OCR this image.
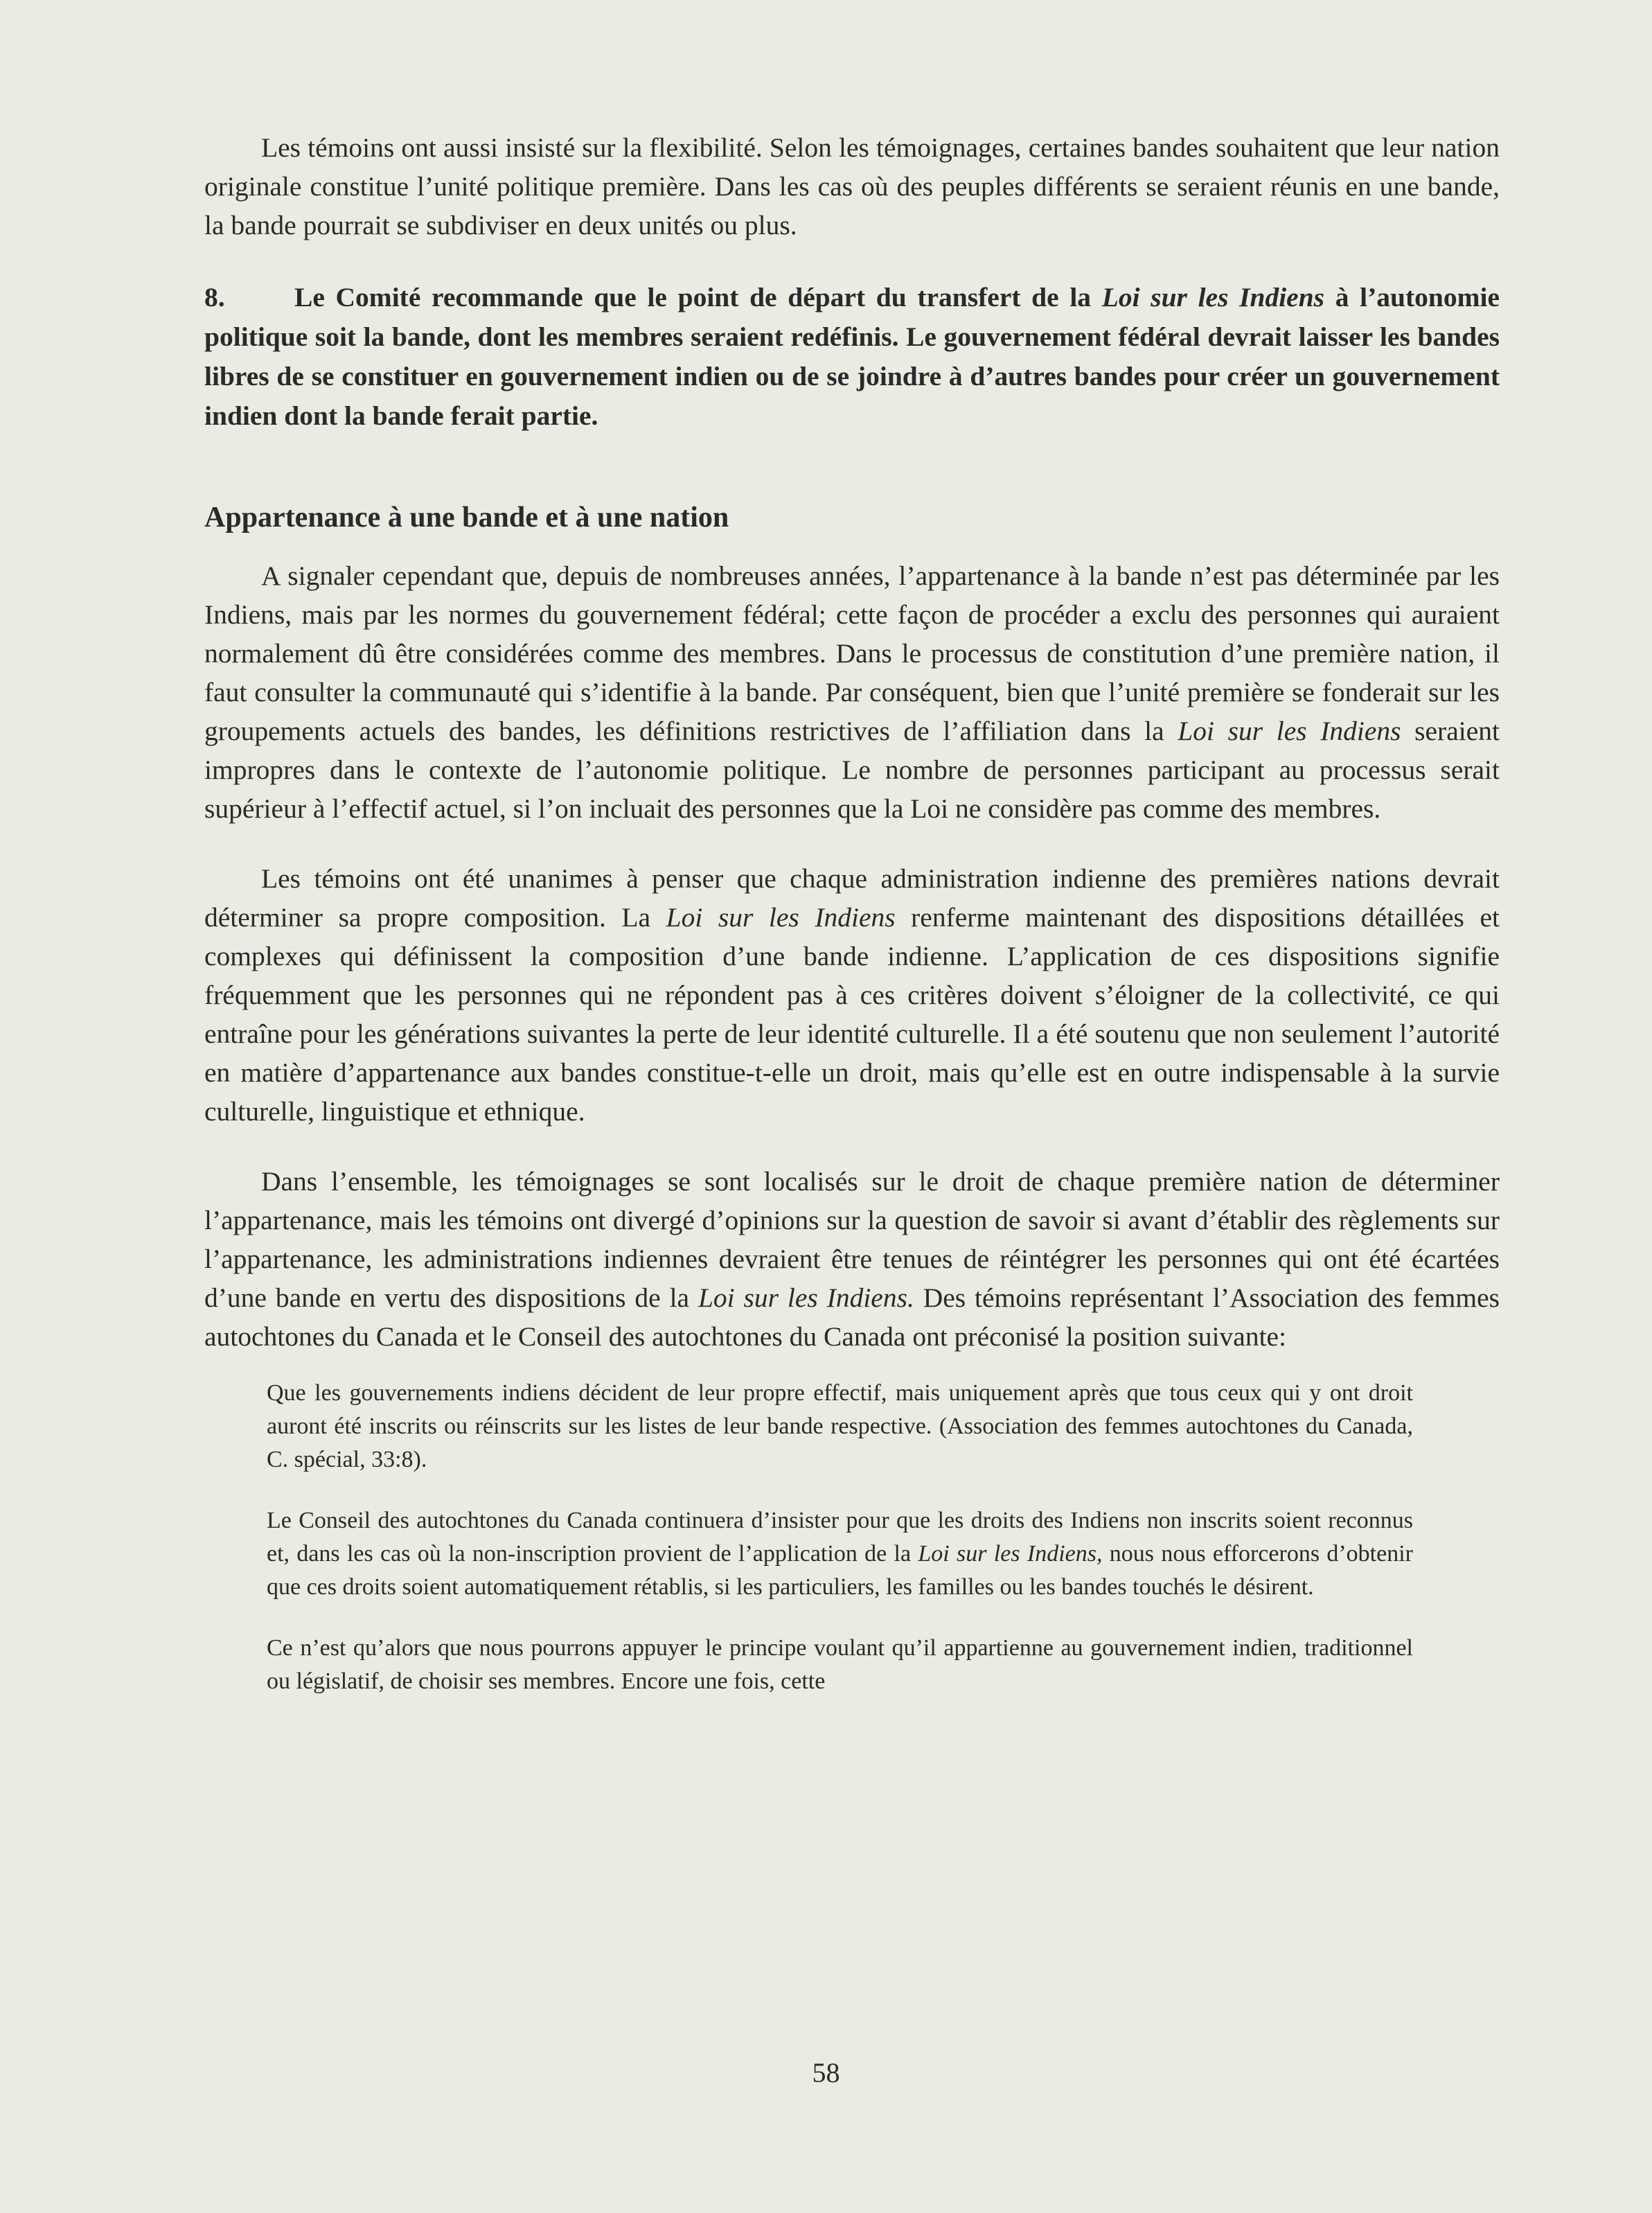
Les témoins ont aussi insisté sur la flexibilité. Selon les témoignages, certaines bandes souhaitent que leur nation originale constitue l’unité politique première. Dans les cas où des peuples différents se seraient réunis en une bande, la bande pourrait se subdiviser en deux unités ou plus.

8.	Le Comité recommande que le point de départ du transfert de la Loi sur les Indiens à l’autonomie politique soit la bande, dont les membres seraient redéfinis. Le gouvernement fédéral devrait laisser les bandes libres de se constituer en gouvernement indien ou de se joindre à d’autres bandes pour créer un gouvernement indien dont la bande ferait partie.

Appartenance à une bande et à une nation

A signaler cependant que, depuis de nombreuses années, l’appartenance à la bande n’est pas déterminée par les Indiens, mais par les normes du gouvernement fédéral; cette façon de procéder a exclu des personnes qui auraient normalement dû être considérées comme des membres. Dans le processus de constitution d’une première nation, il faut consulter la communauté qui s’identifie à la bande. Par conséquent, bien que l’unité première se fonderait sur les groupements actuels des bandes, les définitions restrictives de l’affiliation dans la Loi sur les Indiens seraient impropres dans le contexte de l’autonomie politique. Le nombre de personnes participant au processus serait supérieur à l’effectif actuel, si l’on incluait des personnes que la Loi ne considère pas comme des membres.

Les témoins ont été unanimes à penser que chaque administration indienne des premières nations devrait déterminer sa propre composition. La Loi sur les Indiens renferme maintenant des dispositions détaillées et complexes qui définissent la composition d’une bande indienne. L’application de ces dispositions signifie fréquemment que les personnes qui ne répondent pas à ces critères doivent s’éloigner de la collectivité, ce qui entraîne pour les générations suivantes la perte de leur identité culturelle. Il a été soutenu que non seulement l’autorité en matière d’appartenance aux bandes constitue-t-elle un droit, mais qu’elle est en outre indispensable à la survie culturelle, linguistique et ethnique.

Dans l’ensemble, les témoignages se sont localisés sur le droit de chaque première nation de déterminer l’appartenance, mais les témoins ont divergé d’opinions sur la question de savoir si avant d’établir des règlements sur l’appartenance, les administrations indiennes devraient être tenues de réintégrer les personnes qui ont été écartées d’une bande en vertu des dispositions de la Loi sur les Indiens. Des témoins représentant l’Association des femmes autochtones du Canada et le Conseil des autochtones du Canada ont préconisé la position suivante:

Que les gouvernements indiens décident de leur propre effectif, mais uniquement après que tous ceux qui y ont droit auront été inscrits ou réinscrits sur les listes de leur bande respective. (Association des femmes autochtones du Canada, C. spécial, 33:8).

Le Conseil des autochtones du Canada continuera d’insister pour que les droits des Indiens non inscrits soient reconnus et, dans les cas où la non-inscription provient de l’application de la Loi sur les Indiens, nous nous efforcerons d’obtenir que ces droits soient automatiquement rétablis, si les particuliers, les familles ou les bandes touchés le désirent.

Ce n’est qu’alors que nous pourrons appuyer le principe voulant qu’il appartienne au gouvernement indien, traditionnel ou législatif, de choisir ses membres. Encore une fois, cette

58
